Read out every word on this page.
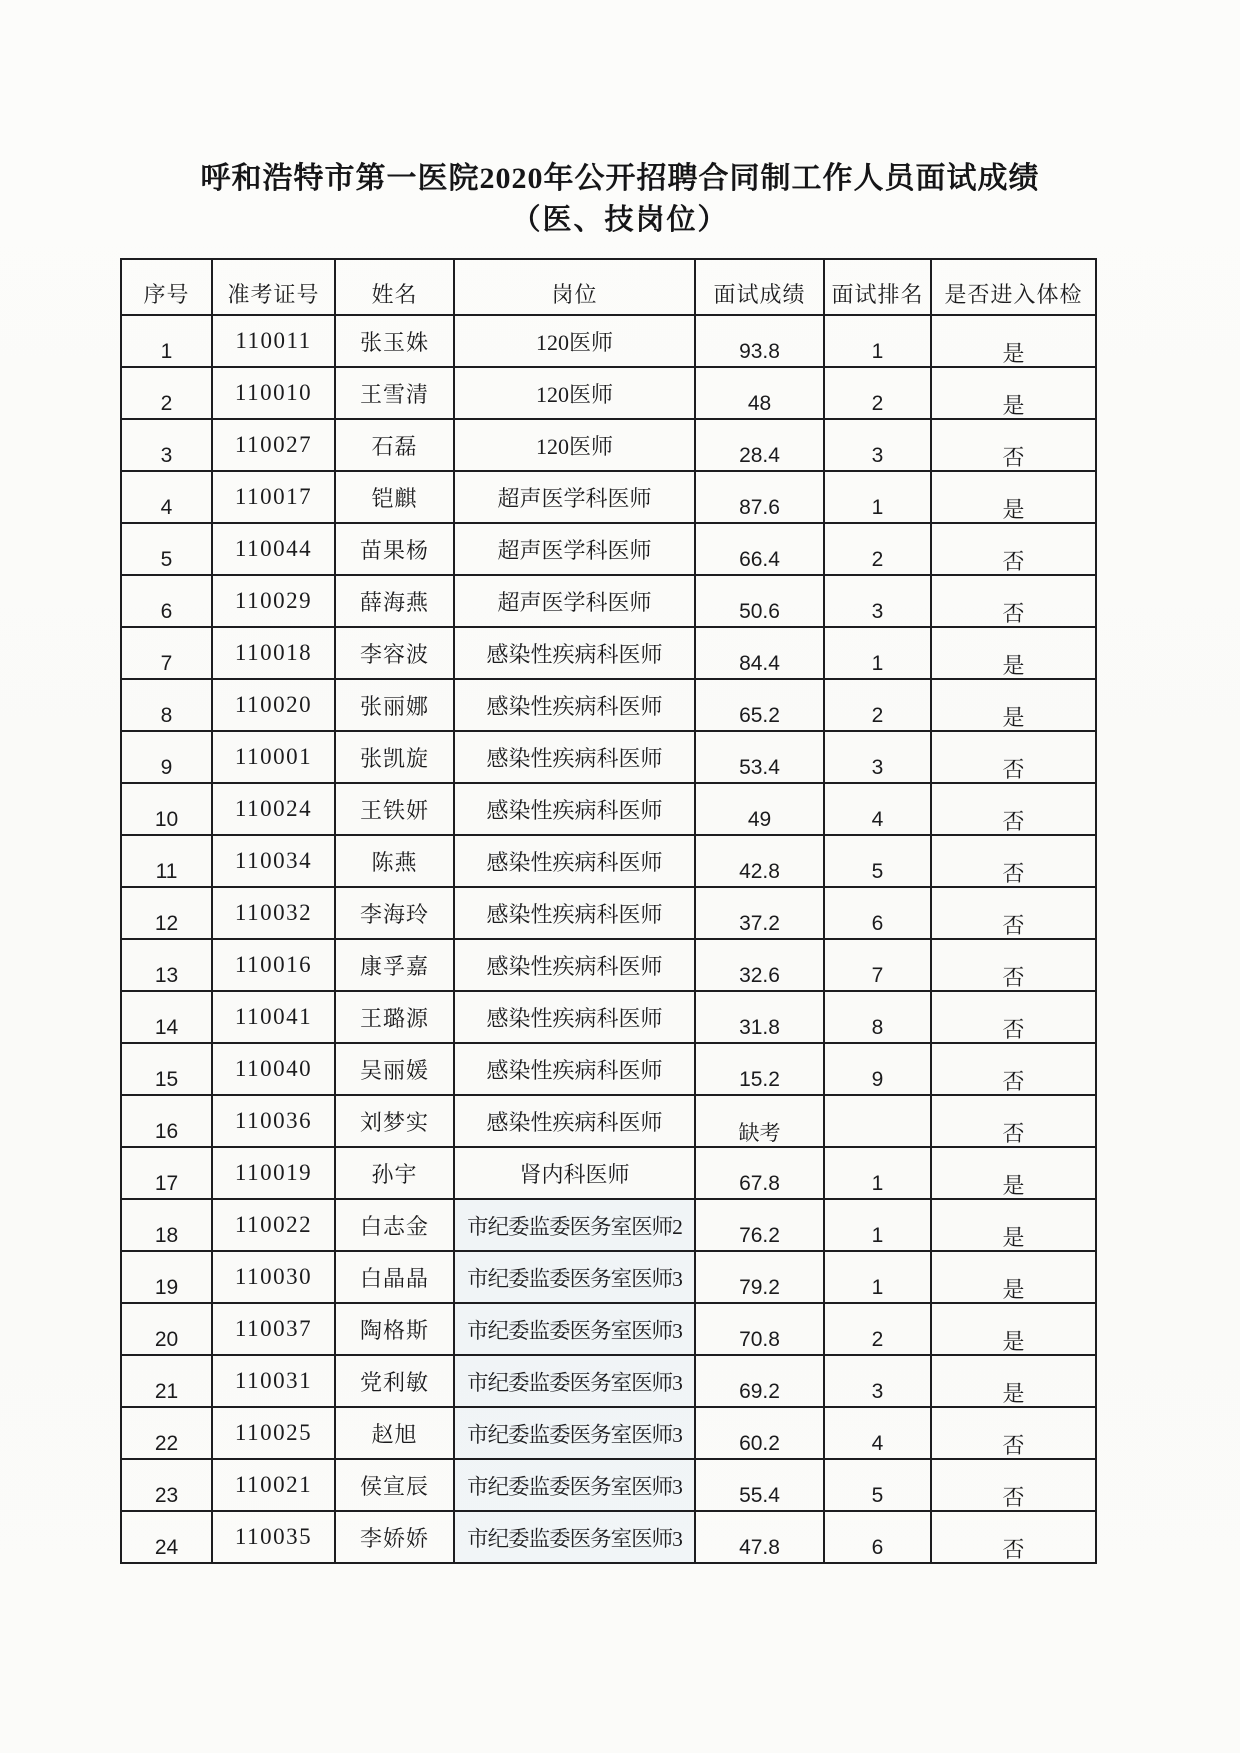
呼和浩特市第一医院2020年公开招聘合同制工作人员面试成绩
（医、技岗位）
序号	准考证号	姓名	岗位	面试成绩	面试排名	是否进入体检
1	110011	张玉姝	120医师	93.8	1	是
2	110010	王雪清	120医师	48	2	是
3	110027	石磊	120医师	28.4	3	否
4	110017	铠麒	超声医学科医师	87.6	1	是
5	110044	苗果杨	超声医学科医师	66.4	2	否
6	110029	薛海燕	超声医学科医师	50.6	3	否
7	110018	李容波	感染性疾病科医师	84.4	1	是
8	110020	张丽娜	感染性疾病科医师	65.2	2	是
9	110001	张凯旋	感染性疾病科医师	53.4	3	否
10	110024	王铁妍	感染性疾病科医师	49	4	否
11	110034	陈燕	感染性疾病科医师	42.8	5	否
12	110032	李海玲	感染性疾病科医师	37.2	6	否
13	110016	康孚嘉	感染性疾病科医师	32.6	7	否
14	110041	王璐源	感染性疾病科医师	31.8	8	否
15	110040	吴丽媛	感染性疾病科医师	15.2	9	否
16	110036	刘梦实	感染性疾病科医师	缺考		否
17	110019	孙宇	肾内科医师	67.8	1	是
18	110022	白志金	市纪委监委医务室医师2	76.2	1	是
19	110030	白晶晶	市纪委监委医务室医师3	79.2	1	是
20	110037	陶格斯	市纪委监委医务室医师3	70.8	2	是
21	110031	党利敏	市纪委监委医务室医师3	69.2	3	是
22	110025	赵旭	市纪委监委医务室医师3	60.2	4	否
23	110021	侯宣辰	市纪委监委医务室医师3	55.4	5	否
24	110035	李娇娇	市纪委监委医务室医师3	47.8	6	否
